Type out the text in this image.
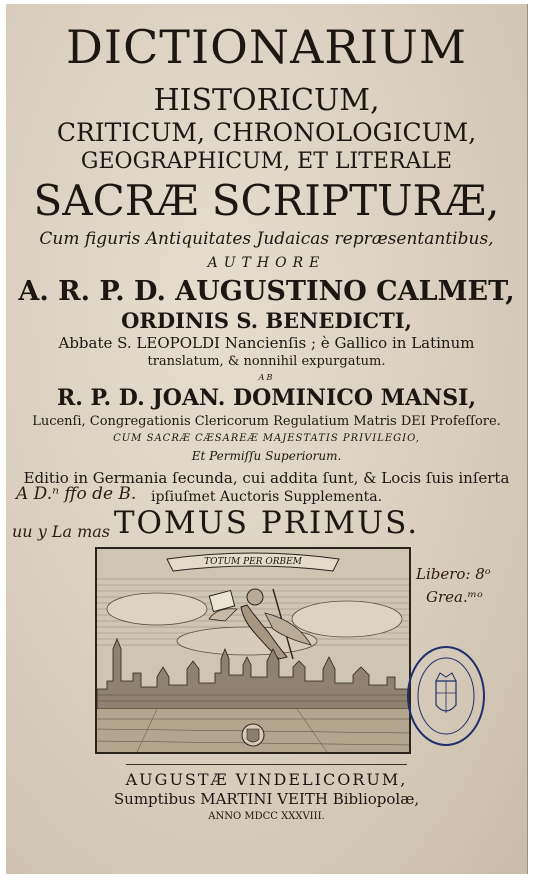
DICTIONARIUM
HISTORICUM,
CRITICUM, CHRONOLOGICUM,
GEOGRAPHICUM, ET LITERALE
SACRÆ SCRIPTURÆ,
Cum figuris Antiquitates Judaicas repræsentantibus,
AUTHORE
A. R. P. D. AUGUSTINO CALMET,
ORDINIS S. BENEDICTI,
Abbate S. LEOPOLDI Nancienſis ; è Gallico in Latinum
translatum, & nonnihil expurgatum.
AB
R. P. D. JOAN. DOMINICO MANSI,
Lucenſi, Congregationis Clericorum Regulatium Matris DEI Profeſſore.
CUM SACRÆ CÆSAREÆ MAJESTATIS PRIVILEGIO,
Et Permiſſu Superiorum.
Editio in Germania ſecunda, cui addita ſunt, & Locis ſuis inſerta
ipſiuſmet Auctoris Supplementa.
TOMUS PRIMUS.
TOTUM PER ORBEM
A D.ⁿ ffo de B.
uu y La mas
Libero: 8ᵒ
Grea.ᵐᵒ
AUGUSTÆ VINDELICORUM,
Sumptibus MARTINI VEITH Bibliopolæ,
ANNO MDCC XXXVIII.
